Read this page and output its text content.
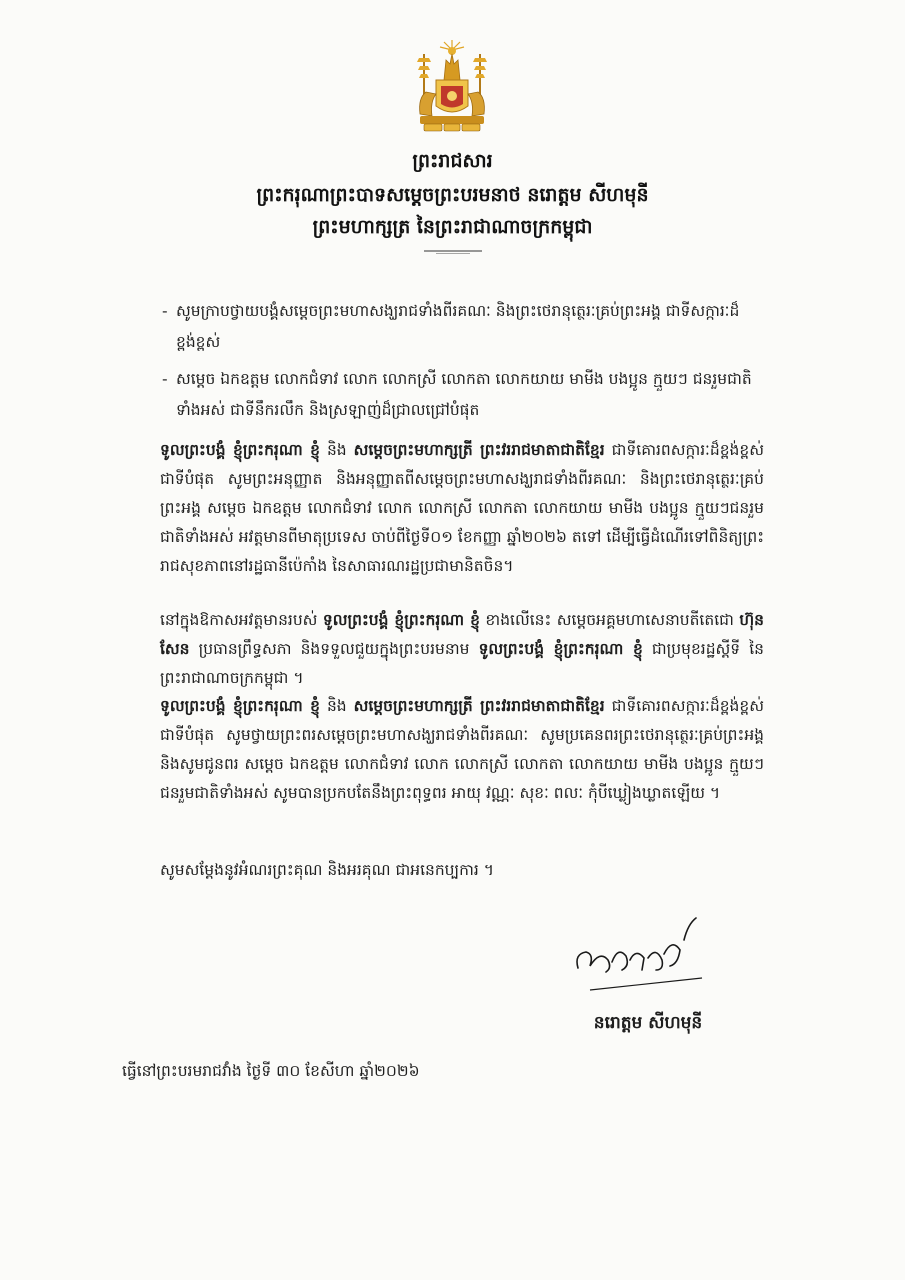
ព្រះរាជសារ
ព្រះករុណាព្រះបាទសម្តេចព្រះបរមនាថ នរោត្តម សីហមុនី
ព្រះមហាក្សត្រ នៃព្រះរាជាណាចក្រកម្ពុជា
- សូមក្រាបថ្វាយបង្គំសម្តេចព្រះមហាសង្ឃរាជទាំងពីរគណៈ និងព្រះថេរានុត្ថេរៈគ្រប់ព្រះអង្គ ជាទីសក្ការៈដ៏ខ្ពង់ខ្ពស់
- សម្តេច ឯកឧត្តម លោកជំទាវ លោក លោកស្រី លោកតា លោកយាយ មាមីង បងប្អូន ក្មួយៗ ជនរួមជាតិទាំងអស់ ជាទីនឹករលឹក និងស្រឡាញ់ដ៏ជ្រាលជ្រៅបំផុត
ទូលព្រះបង្គំ ខ្ញុំព្រះករុណា ខ្ញុំ និង សម្តេចព្រះមហាក្សត្រី ព្រះវររាជមាតាជាតិខ្មែរ ជាទីគោរពសក្ការៈដ៏ខ្ពង់ខ្ពស់ជាទីបំផុត សូមព្រះអនុញ្ញាត និងអនុញ្ញាតពីសម្តេចព្រះមហាសង្ឃរាជទាំងពីរគណៈ និងព្រះថេរានុត្ថេរៈគ្រប់ព្រះអង្គ សម្តេច ឯកឧត្តម លោកជំទាវ លោក លោកស្រី លោកតា លោកយាយ មាមីង បងប្អូន ក្មួយៗជនរួមជាតិទាំងអស់ អវត្តមានពីមាតុប្រទេស ចាប់ពីថ្ងៃទី០១ ខែកញ្ញា ឆ្នាំ២០២៦ តទៅ ដើម្បីធ្វើដំណើរទៅពិនិត្យព្រះរាជសុខភាពនៅរដ្ឋធានីប៉េកាំង នៃសាធារណរដ្ឋប្រជាមានិតចិន។
នៅក្នុងឱកាសអវត្តមានរបស់ ទូលព្រះបង្គំ ខ្ញុំព្រះករុណា ខ្ញុំ ខាងលើនេះ សម្តេចអគ្គមហាសេនាបតីតេជោ ហ៊ុន សែន ប្រធានព្រឹទ្ធសភា និងទទួលជួយក្នុងព្រះបរមនាម ទូលព្រះបង្គំ ខ្ញុំព្រះករុណា ខ្ញុំ ជាប្រមុខរដ្ឋស្តីទី នៃព្រះរាជាណាចក្រកម្ពុជា ។
ទូលព្រះបង្គំ ខ្ញុំព្រះករុណា ខ្ញុំ និង សម្តេចព្រះមហាក្សត្រី ព្រះវររាជមាតាជាតិខ្មែរ ជាទីគោរពសក្ការៈដ៏ខ្ពង់ខ្ពស់ជាទីបំផុត សូមថ្វាយព្រះពរសម្តេចព្រះមហាសង្ឃរាជទាំងពីរគណៈ សូមប្រគេនពរព្រះថេរានុត្ថេរៈគ្រប់ព្រះអង្គ និងសូមជូនពរ សម្តេច ឯកឧត្តម លោកជំទាវ លោក លោកស្រី លោកតា លោកយាយ មាមីង បងប្អូន ក្មួយៗ ជនរួមជាតិទាំងអស់ សូមបានប្រកបតែនឹងព្រះពុទ្ធពរ អាយុ វណ្ណៈ សុខៈ ពលៈ កុំបីឃ្លៀងឃ្លាតឡើយ ។
សូមសម្តែងនូវអំណរព្រះគុណ និងអរគុណ ជាអនេកប្បការ ។
នរោត្តម សីហមុនី
ធ្វើនៅព្រះបរមរាជវាំង ថ្ងៃទី ៣០ ខែសីហា ឆ្នាំ២០២៦
